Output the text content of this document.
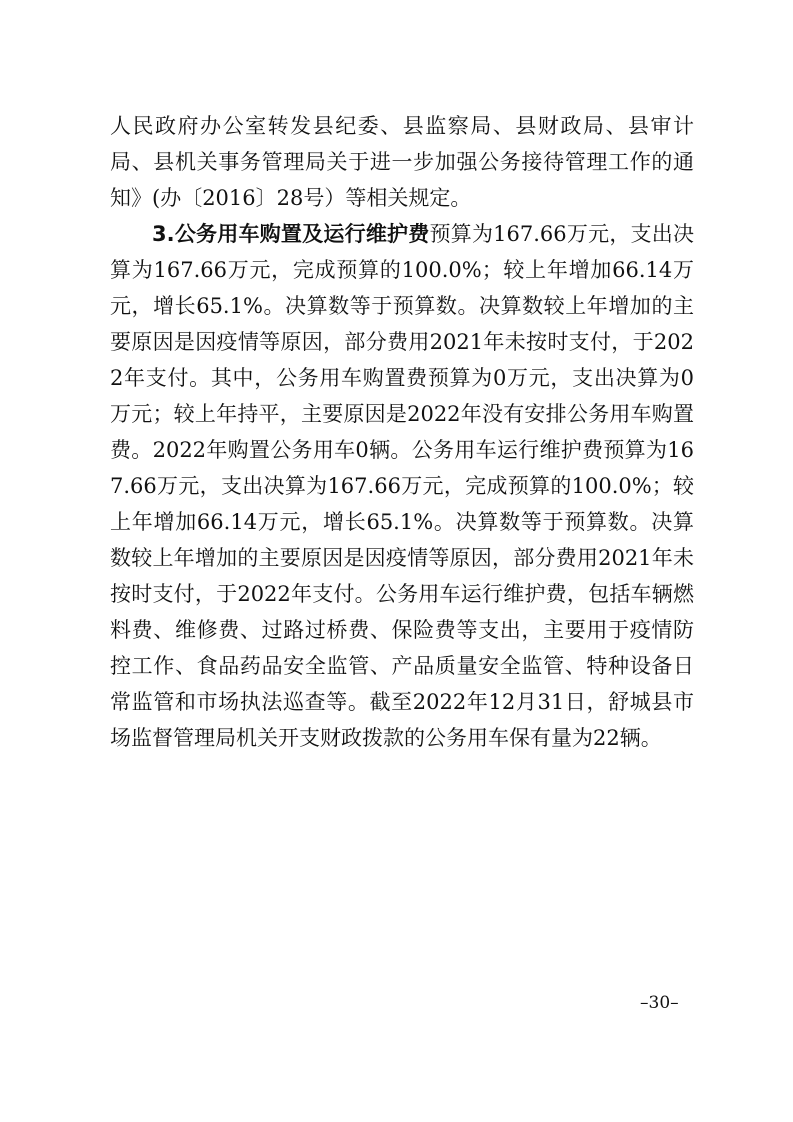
人民政府办公室转发县纪委、县监察局、县财政局、县审计局、县机关事务管理局关于进一步加强公务接待管理工作的通知》(办〔2016〕28号）等相关规定。

3.公务用车购置及运行维护费预算为167.66万元，支出决算为167.66万元，完成预算的100.0%；较上年增加66.14万元，增长65.1%。决算数等于预算数。决算数较上年增加的主要原因是因疫情等原因，部分费用2021年未按时支付，于2022年支付。其中，公务用车购置费预算为0万元，支出决算为0万元；较上年持平，主要原因是2022年没有安排公务用车购置费。2022年购置公务用车0辆。公务用车运行维护费预算为167.66万元，支出决算为167.66万元，完成预算的100.0%；较上年增加66.14万元，增长65.1%。决算数等于预算数。决算数较上年增加的主要原因是因疫情等原因，部分费用2021年未按时支付，于2022年支付。公务用车运行维护费，包括车辆燃料费、维修费、过路过桥费、保险费等支出，主要用于疫情防控工作、食品药品安全监管、产品质量安全监管、特种设备日常监管和市场执法巡查等。截至2022年12月31日，舒城县市场监督管理局机关开支财政拨款的公务用车保有量为22辆。

–30–
